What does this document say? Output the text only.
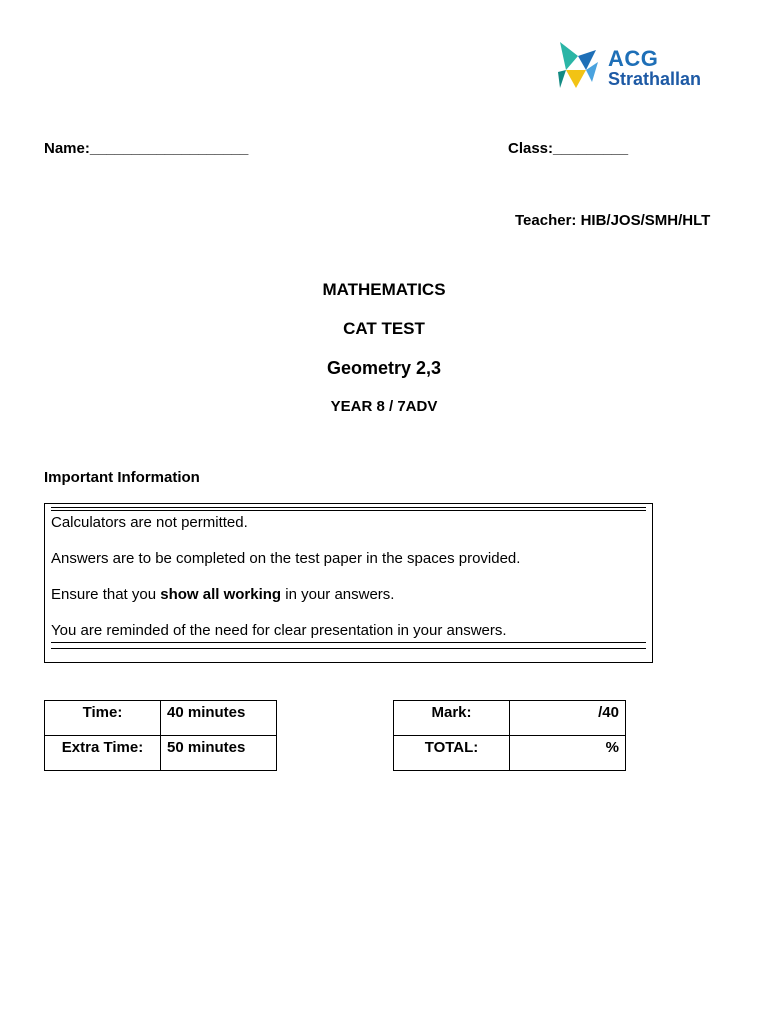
ACG
Strathallan
Name:___________________	Class:_________
Teacher: HIB/JOS/SMH/HLT
MATHEMATICS
CAT TEST
Geometry 2,3
YEAR 8 / 7ADV
Important Information
Calculators are not permitted.
Answers are to be completed on the test paper in the spaces provided.
Ensure that you show all working in your answers.
You are reminded of the need for clear presentation in your answers.
Time:	40 minutes
Extra Time:	50 minutes
Mark:	/40
TOTAL:	%
